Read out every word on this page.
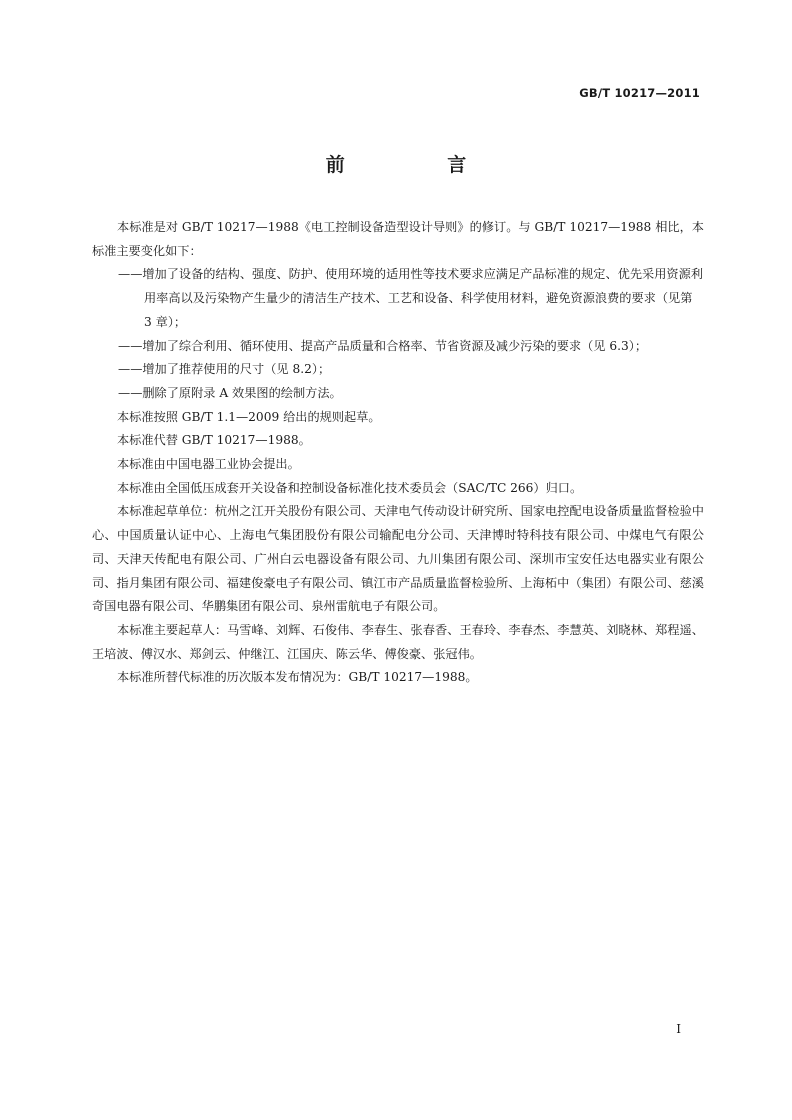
GB/T 10217—2011
前 言

本标准是对 GB/T 10217—1988《电工控制设备造型设计导则》的修订。与 GB/T 10217—1988 相比，本标准主要变化如下：

——增加了设备的结构、强度、防护、使用环境的适用性等技术要求应满足产品标准的规定、优先采用资源利用率高以及污染物产生量少的清洁生产技术、工艺和设备、科学使用材料，避免资源浪费的要求（见第 3 章）；

——增加了综合利用、循环使用、提高产品质量和合格率、节省资源及减少污染的要求（见 6.3）；

——增加了推荐使用的尺寸（见 8.2）；

——删除了原附录 A 效果图的绘制方法。

本标准按照 GB/T 1.1—2009 给出的规则起草。

本标准代替 GB/T 10217—1988。

本标准由中国电器工业协会提出。

本标准由全国低压成套开关设备和控制设备标准化技术委员会（SAC/TC 266）归口。

本标准起草单位：杭州之江开关股份有限公司、天津电气传动设计研究所、国家电控配电设备质量监督检验中心、中国质量认证中心、上海电气集团股份有限公司输配电分公司、天津博时特科技有限公司、中煤电气有限公司、天津天传配电有限公司、广州白云电器设备有限公司、九川集团有限公司、深圳市宝安任达电器实业有限公司、指月集团有限公司、福建俊豪电子有限公司、镇江市产品质量监督检验所、上海柘中（集团）有限公司、慈溪奇国电器有限公司、华鹏集团有限公司、泉州雷航电子有限公司。

本标准主要起草人：马雪峰、刘辉、石俊伟、李春生、张春香、王春玲、李春杰、李慧英、刘晓林、郑程遥、王培波、傅汉水、郑剑云、仲继江、江国庆、陈云华、傅俊豪、张冠伟。

本标准所替代标准的历次版本发布情况为：GB/T 10217—1988。

I
